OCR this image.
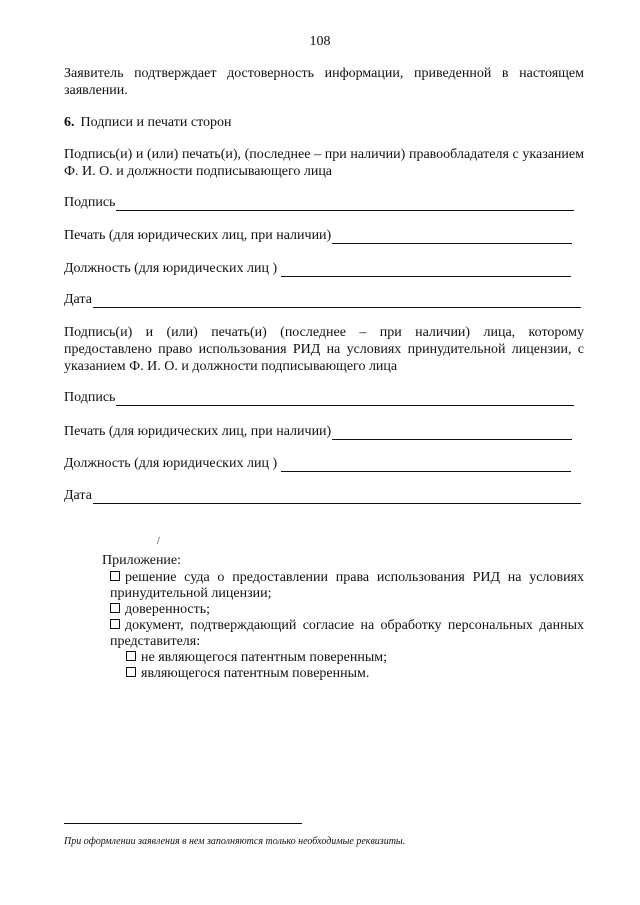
108
Заявитель подтверждает достоверность информации, приведенной в настоящем заявлении.
6. Подписи и печати сторон
Подпись(и) и (или) печать(и), (последнее – при наличии) правообладателя с указанием Ф. И. О. и должности подписывающего лица
Подпись
Печать (для юридических лиц, при наличии)
Должность (для юридических лиц )
Дата
Подпись(и) и (или) печать(и) (последнее – при наличии) лица, которому предоставлено право использования РИД на условиях принудительной лицензии, с указанием Ф. И. О. и должности подписывающего лица
Подпись
Печать (для юридических лиц, при наличии)
Должность (для юридических лиц )
Дата
/
Приложение:
решение суда о предоставлении права использования РИД на условиях принудительной лицензии;
доверенность;
документ, подтверждающий согласие на обработку персональных данных представителя:
не являющегося патентным поверенным;
являющегося патентным поверенным.
При оформлении заявления в нем заполняются только необходимые реквизиты.
